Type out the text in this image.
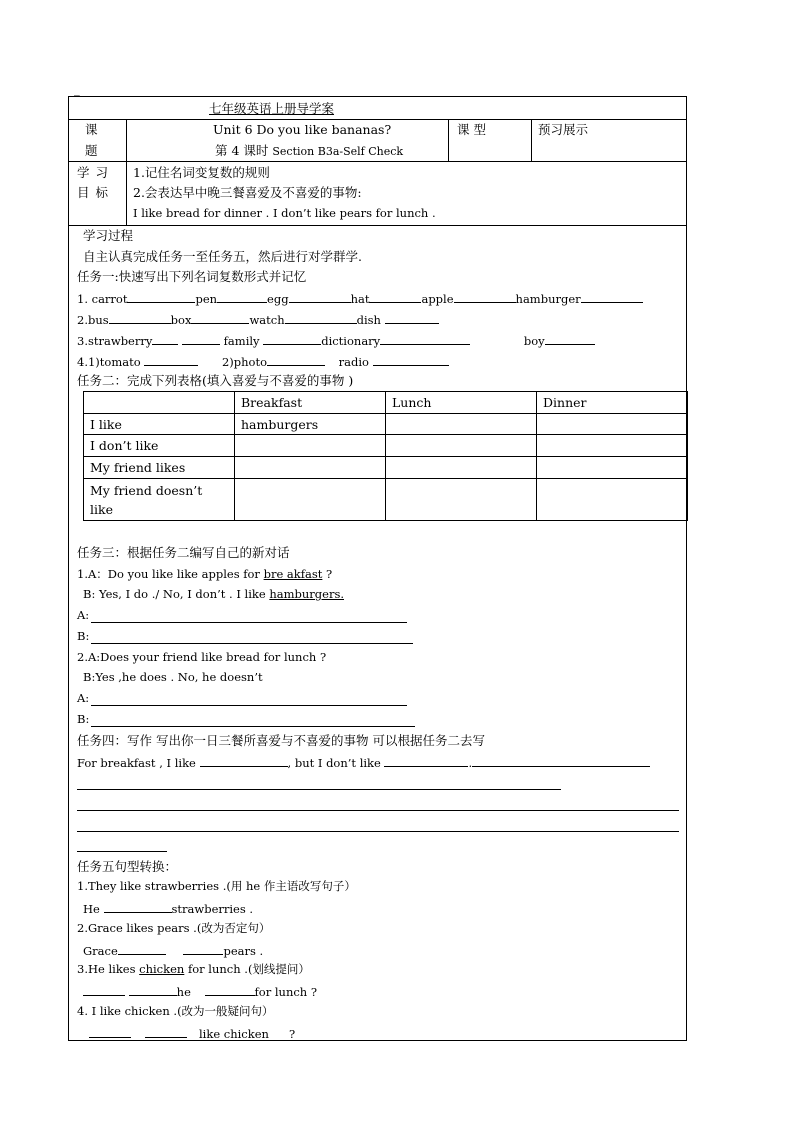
_
七年级英语上册导学案
课
题
Unit 6 Do you like bananas?
第 4 课时 Section B3a-Self Check
课 型	预习展示
学 习
目 标
1.记住名词变复数的规则
2.会表达早中晚三餐喜爱及不喜爱的事物:
I like bread for dinner . I don’t like pears for lunch .
学习过程
自主认真完成任务一至任务五，然后进行对学群学.
任务一:快速写出下列名词复数形式并记忆
1. carrot	pen	egg	hat	apple	hamburger
2.bus	box	watch	dish
3.strawberry	family	dictionary	boy
4.1)tomato	2)photo	radio
任务二：完成下列表格(填入喜爱与不喜爱的事物 )
	Breakfast	Lunch	Dinner
I like	hamburgers		
I don’t like			
My friend likes			
My friend doesn’t like			
任务三：根据任务二编写自己的新对话
1.A：Do you like like apples for bre akfast ?
B: Yes, I do ./ No, I don’t . I like hamburgers.
A:
B:
2.A:Does your friend like bread for lunch ?
B:Yes ,he does . No, he doesn’t
A:
B:
任务四：写作 写出你一日三餐所喜爱与不喜爱的事物 可以根据任务二去写
For breakfast , I like	, but I don’t like	.
任务五句型转换：
1.They like strawberries .(用 he 作主语改写句子）
He	strawberries .
2.Grace likes pears .(改为否定句）
Grace	pears .
3.He likes chicken for lunch .(划线提问）
he	for lunch ?
4. I like chicken .(改为一般疑问句）
like chicken ?
